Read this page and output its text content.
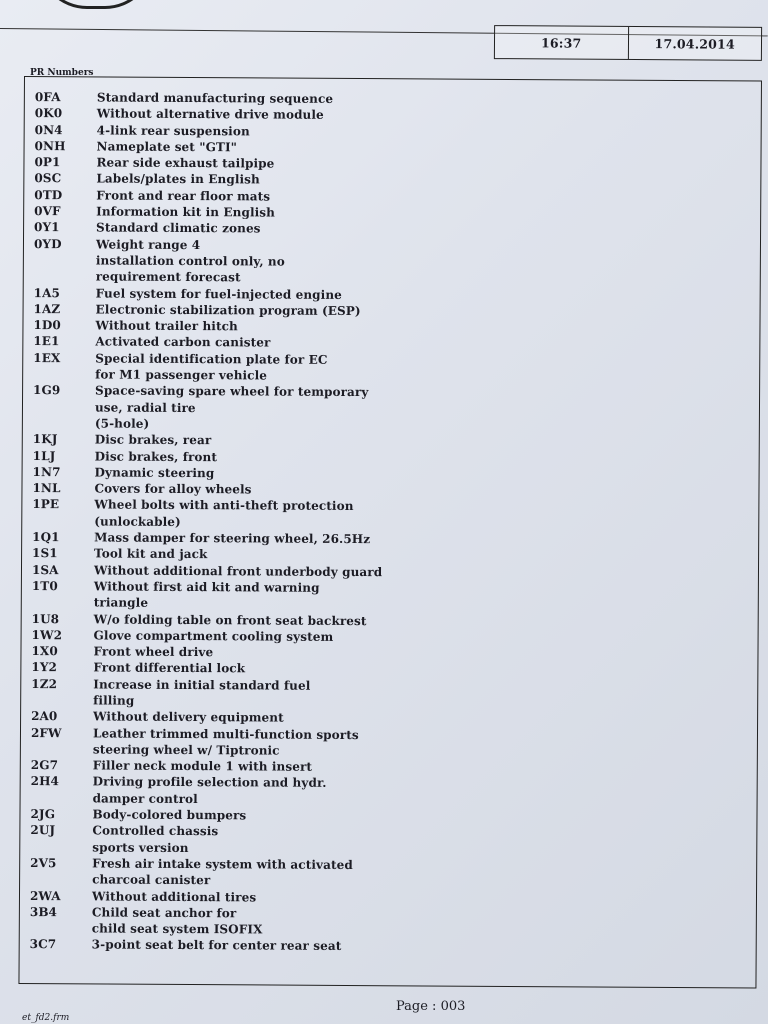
16:37	17.04.2014
PR Numbers
0FA	Standard manufacturing sequence
0K0	Without alternative drive module
0N4	4-link rear suspension
0NH	Nameplate set "GTI"
0P1	Rear side exhaust tailpipe
0SC	Labels/plates in English
0TD	Front and rear floor mats
0VF	Information kit in English
0Y1	Standard climatic zones
0YD	Weight range 4
installation control only, no
requirement forecast
1A5	Fuel system for fuel-injected engine
1AZ	Electronic stabilization program (ESP)
1D0	Without trailer hitch
1E1	Activated carbon canister
1EX	Special identification plate for EC
for M1 passenger vehicle
1G9	Space-saving spare wheel for temporary
use, radial tire
(5-hole)
1KJ	Disc brakes, rear
1LJ	Disc brakes, front
1N7	Dynamic steering
1NL	Covers for alloy wheels
1PE	Wheel bolts with anti-theft protection
(unlockable)
1Q1	Mass damper for steering wheel, 26.5Hz
1S1	Tool kit and jack
1SA	Without additional front underbody guard
1T0	Without first aid kit and warning
triangle
1U8	W/o folding table on front seat backrest
1W2	Glove compartment cooling system
1X0	Front wheel drive
1Y2	Front differential lock
1Z2	Increase in initial standard fuel
filling
2A0	Without delivery equipment
2FW	Leather trimmed multi-function sports
steering wheel w/ Tiptronic
2G7	Filler neck module 1 with insert
2H4	Driving profile selection and hydr.
damper control
2JG	Body-colored bumpers
2UJ	Controlled chassis
sports version
2V5	Fresh air intake system with activated
charcoal canister
2WA	Without additional tires
3B4	Child seat anchor for
child seat system ISOFIX
3C7	3-point seat belt for center rear seat
Page : 003
et_fd2.frm
